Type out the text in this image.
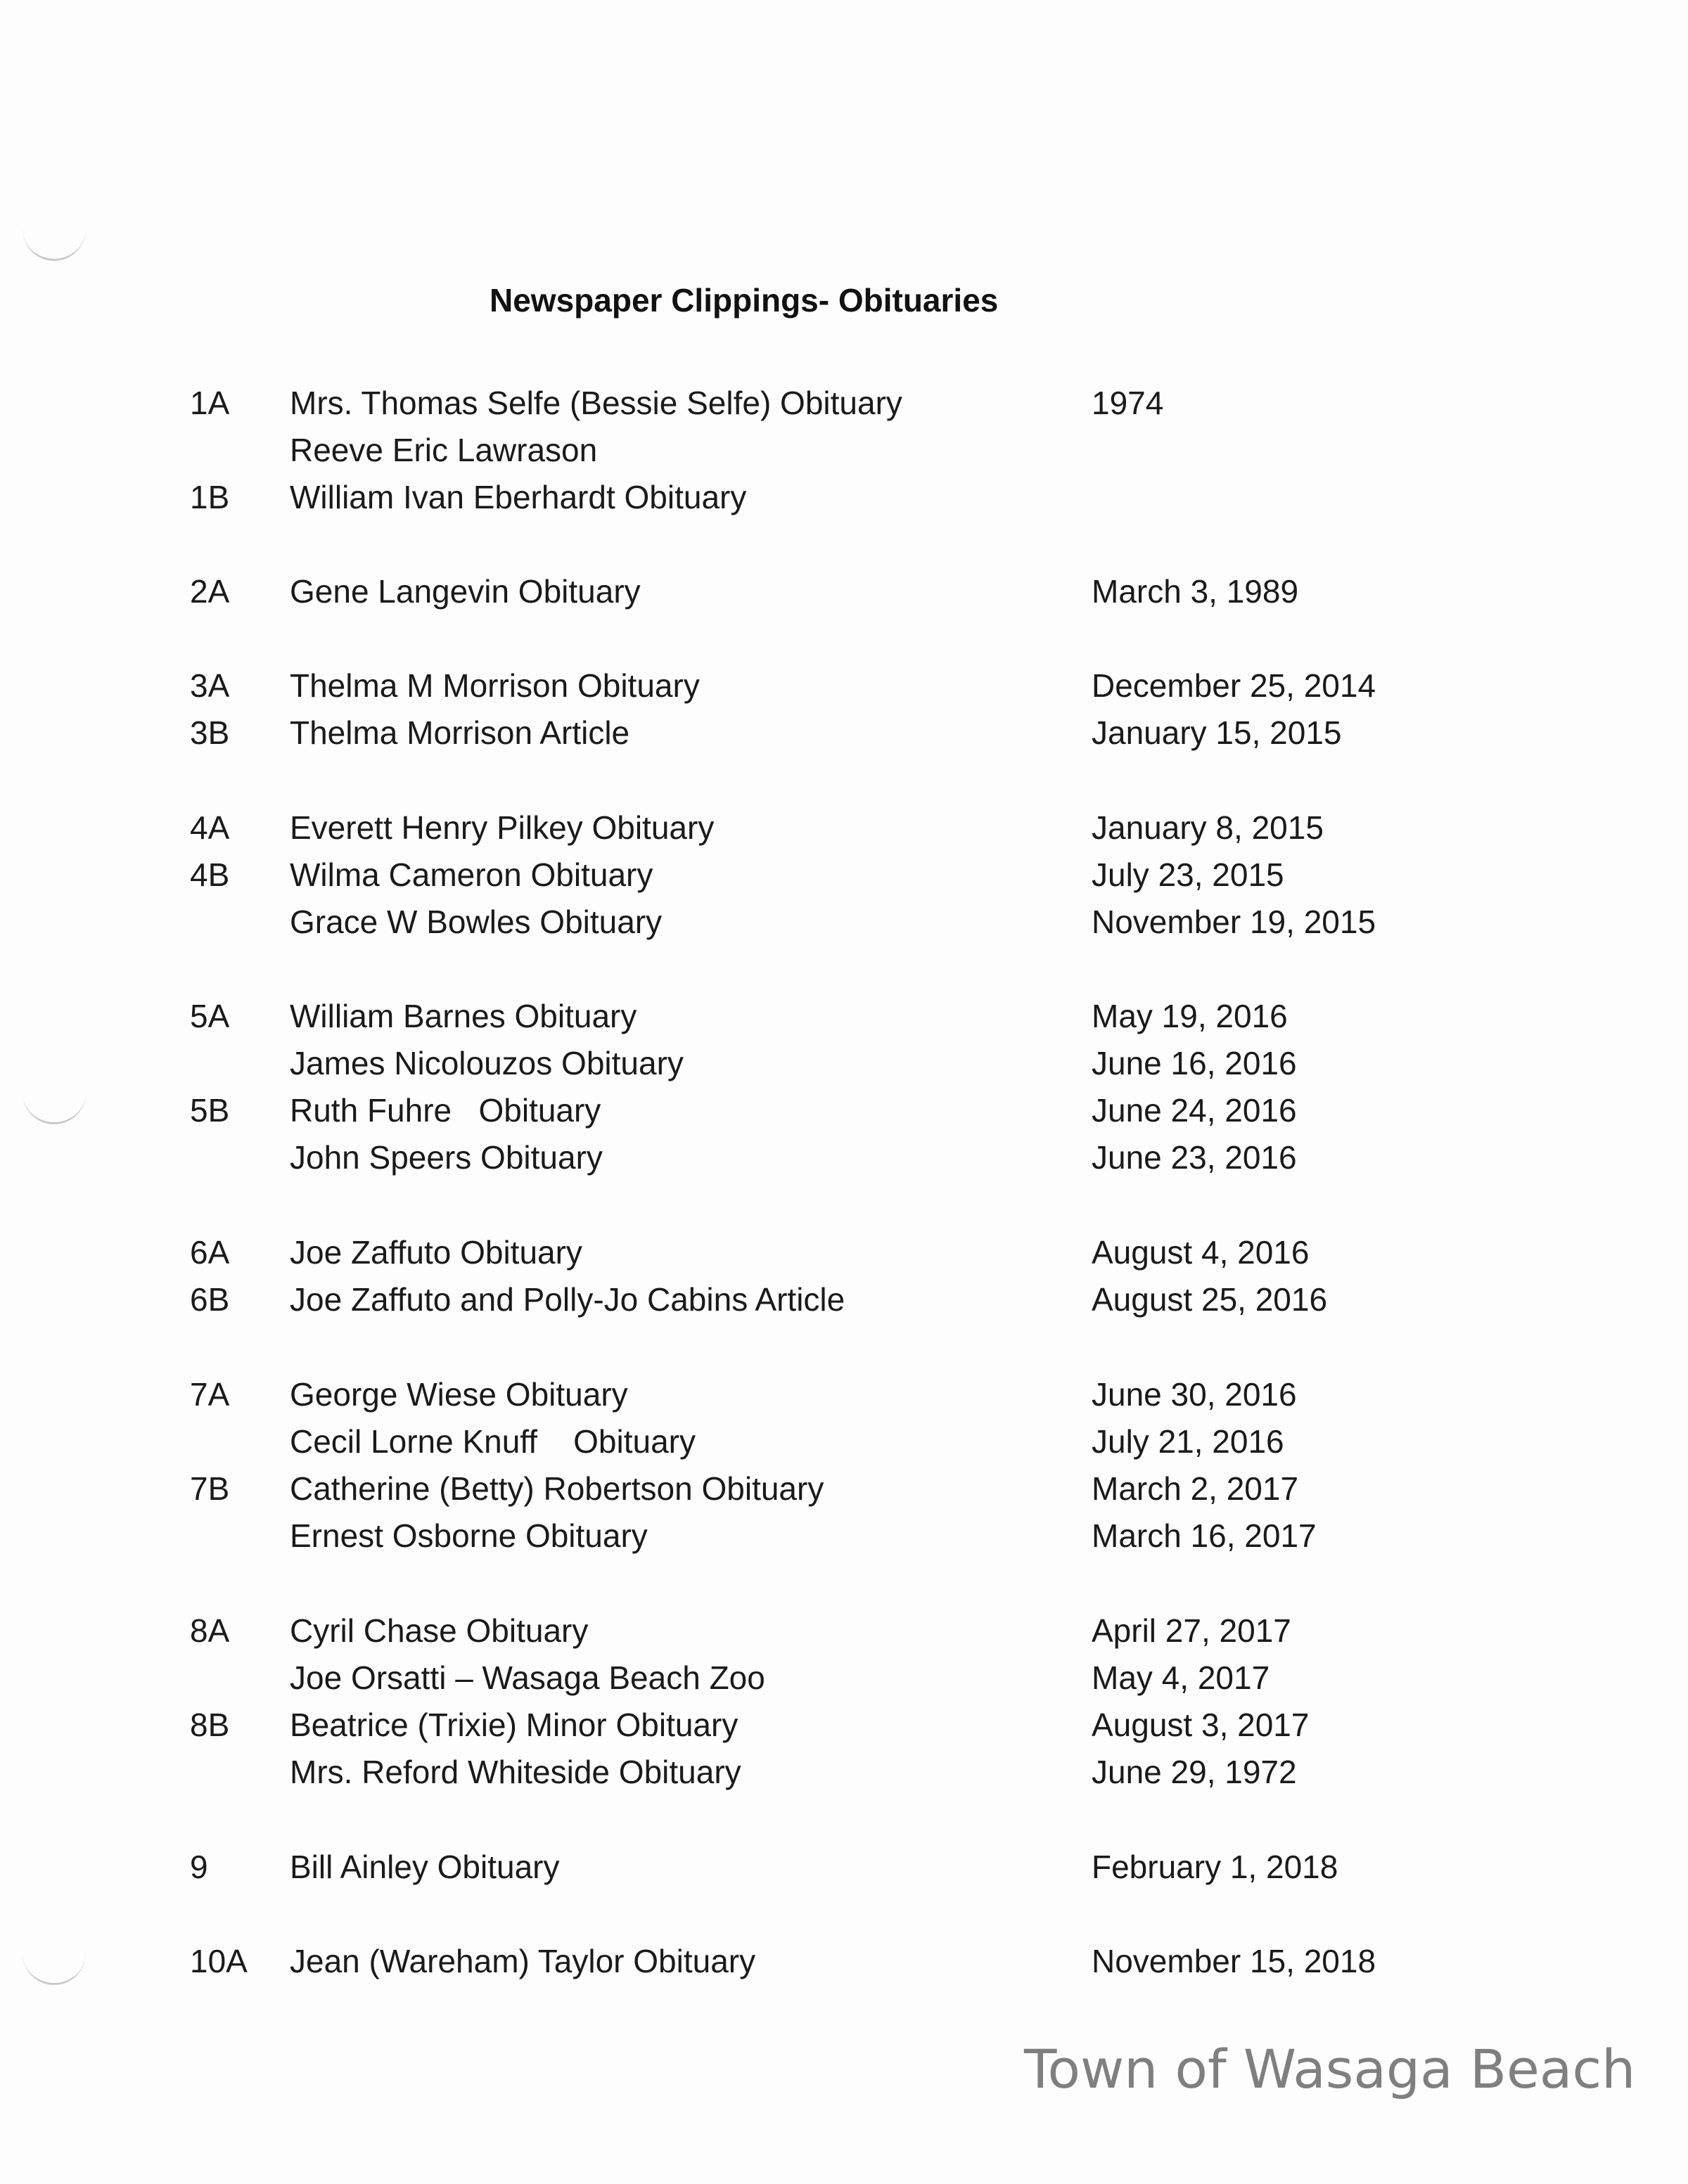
Newspaper Clippings- Obituaries
1A	Mrs. Thomas Selfe (Bessie Selfe) Obituary	1974
Reeve Eric Lawrason
1B	William Ivan Eberhardt Obituary
2A	Gene Langevin Obituary	March 3, 1989
3A	Thelma M Morrison Obituary	December 25, 2014
3B	Thelma Morrison Article	January 15, 2015
4A	Everett Henry Pilkey Obituary	January 8, 2015
4B	Wilma Cameron Obituary	July 23, 2015
Grace W Bowles Obituary	November 19, 2015
5A	William Barnes Obituary	May 19, 2016
James Nicolouzos Obituary	June 16, 2016
5B	Ruth Fuhre   Obituary	June 24, 2016
John Speers Obituary	June 23, 2016
6A	Joe Zaffuto Obituary	August 4, 2016
6B	Joe Zaffuto and Polly-Jo Cabins Article	August 25, 2016
7A	George Wiese Obituary	June 30, 2016
Cecil Lorne Knuff    Obituary	July 21, 2016
7B	Catherine (Betty) Robertson Obituary	March 2, 2017
Ernest Osborne Obituary	March 16, 2017
8A	Cyril Chase Obituary	April 27, 2017
Joe Orsatti – Wasaga Beach Zoo	May 4, 2017
8B	Beatrice (Trixie) Minor Obituary	August 3, 2017
Mrs. Reford Whiteside Obituary	June 29, 1972
9	Bill Ainley Obituary	February 1, 2018
10A	Jean (Wareham) Taylor Obituary	November 15, 2018
Town of Wasaga Beach
